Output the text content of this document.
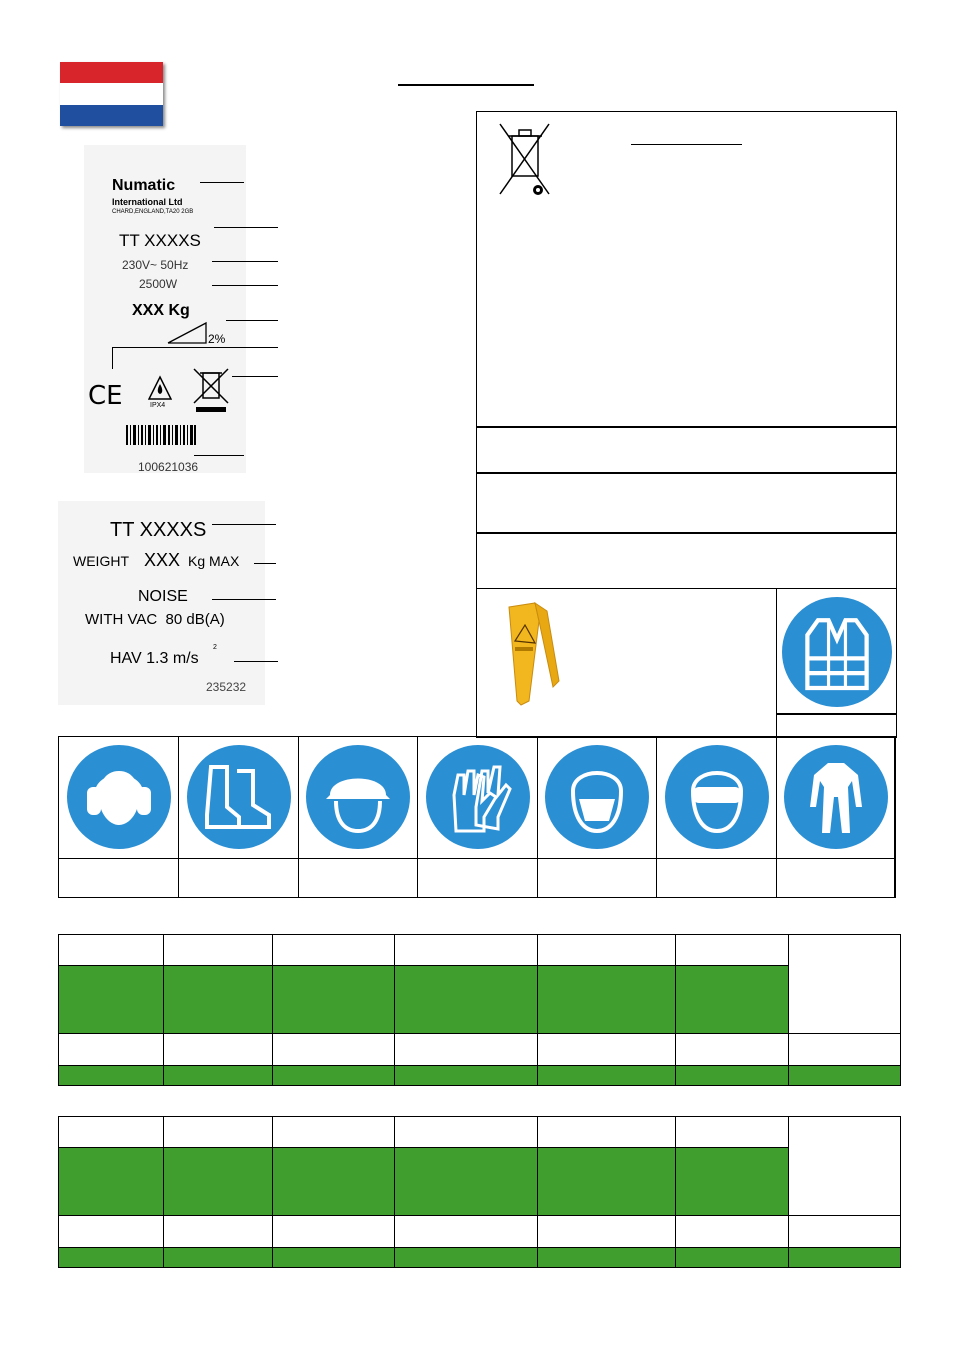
Numatic
International Ltd
CHARD,ENGLAND,TA20 2GB
TT XXXXS
230V~ 50Hz
2500W
XXX Kg
2%
CE	IPX4
100621036
TT XXXXS
WEIGHT XXX Kg MAX
NOISE
WITH VAC  80 dB(A)
HAV 1.3 m/s
2
235232
